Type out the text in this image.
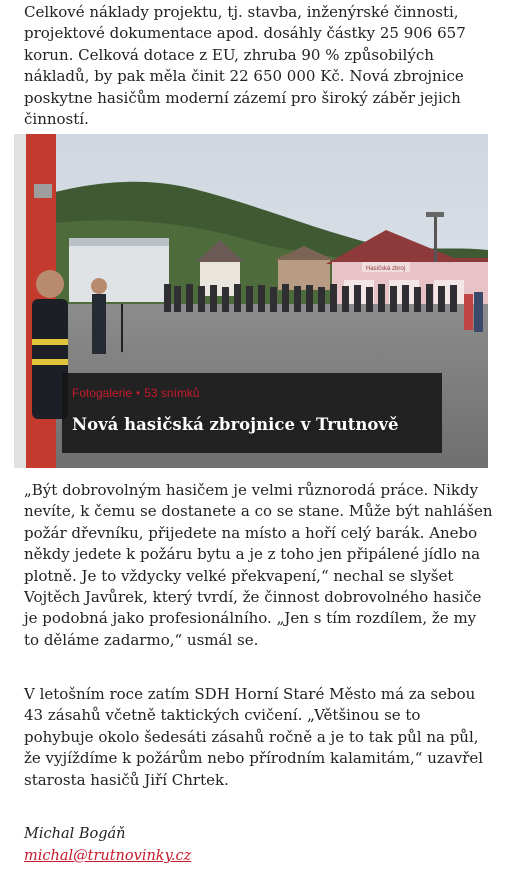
Celkové náklady projektu, tj. stavba, inženýrské činnosti, projektové dokumentace apod. dosáhly částky 25 906 657 korun. Celková dotace z EU, zhruba 90 % způsobilých nákladů, by pak měla činit 22 650 000 Kč. Nová zbrojnice poskytne hasičům moderní zázemí pro široký záběr jejich činností.

Hasičská zbroj
Fotogalerie • 53 snímků
Nová hasičská zbrojnice v Trutnově

„Být dobrovolným hasičem je velmi různorodá práce. Nikdy nevíte, k čemu se dostanete a co se stane. Může být nahlášen požár dřevníku, přijedete na místo a hoří celý barák. Anebo někdy jedete k požáru bytu a je z toho jen připálené jídlo na plotně. Je to vždycky velké překvapení,“ nechal se slyšet Vojtěch Javůrek, který tvrdí, že činnost dobrovolného hasiče je podobná jako profesionálního. „Jen s tím rozdílem, že my to děláme zadarmo,“ usmál se.

V letošním roce zatím SDH Horní Staré Město má za sebou 43 zásahů včetně taktických cvičení. „Většinou se to pohybuje okolo šedesáti zásahů ročně a je to tak půl na půl, že vyjíždíme k požárům nebo přírodním kalamitám,“ uzavřel starosta hasičů Jiří Chrtek.

Michal Bogáň
michal@trutnovinky.cz
